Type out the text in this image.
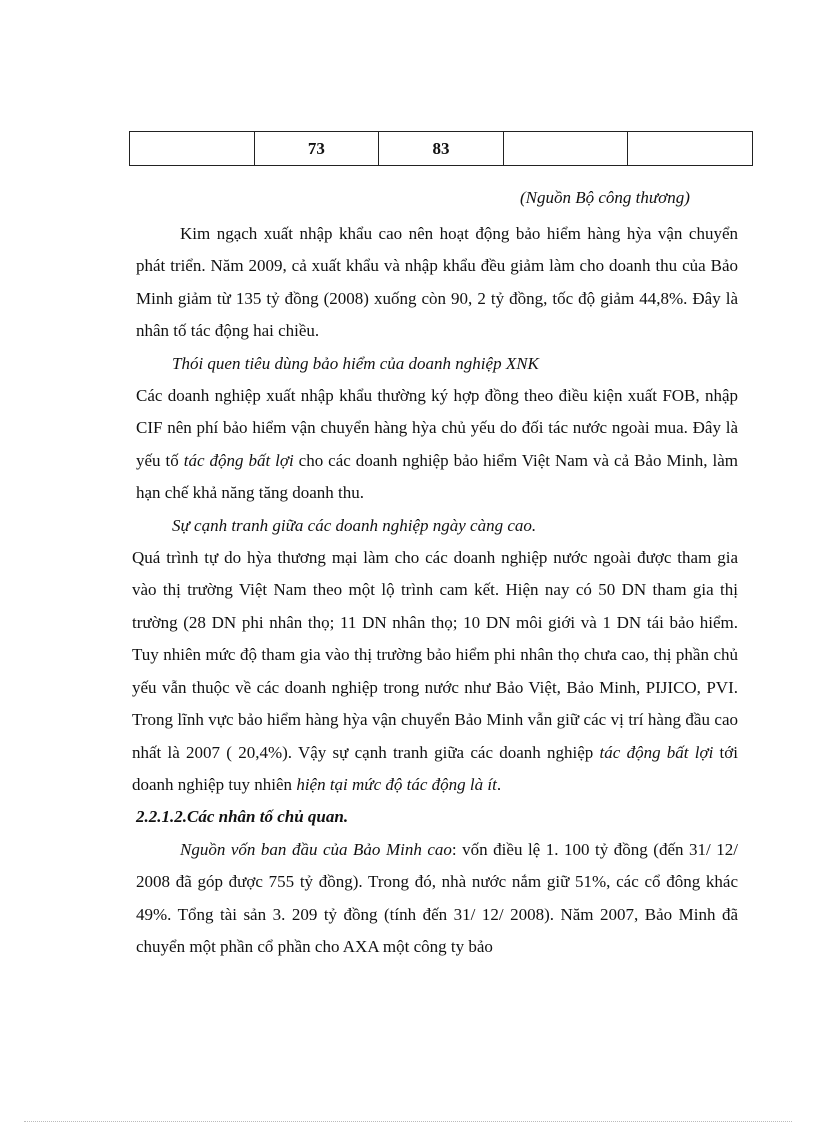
	73	83		
(Nguồn Bộ công thương)

Kim ngạch xuất nhập khẩu cao nên hoạt động bảo hiểm hàng hỳa vận chuyển phát triển. Năm 2009, cả xuất khẩu và nhập khẩu đều giảm làm cho doanh thu của Bảo Minh giảm từ 135 tỷ đồng (2008) xuống còn 90, 2 tỷ đồng, tốc độ giảm 44,8%. Đây là nhân tố tác động hai chiều.

Thói quen tiêu dùng bảo hiểm của doanh nghiệp XNK

Các doanh nghiệp xuất nhập khẩu thường ký hợp đồng theo điều kiện xuất FOB, nhập CIF nên phí bảo hiểm vận chuyển hàng hỳa chủ yếu do đối tác nước ngoài mua. Đây là yếu tố tác động bất lợi cho các doanh nghiệp bảo hiểm Việt Nam và cả Bảo Minh, làm hạn chế khả năng tăng doanh thu.

Sự cạnh tranh giữa các doanh nghiệp ngày càng cao.

Quá trình tự do hỳa thương mại làm cho các doanh nghiệp nước ngoài được tham gia vào thị trường Việt Nam theo một lộ trình cam kết. Hiện nay có 50 DN tham gia thị trường (28 DN phi nhân thọ; 11 DN nhân thọ; 10 DN môi giới và 1 DN tái bảo hiểm. Tuy nhiên mức độ tham gia vào thị trường bảo hiểm phi nhân thọ chưa cao, thị phần chủ yếu vẫn thuộc về các doanh nghiệp trong nước như Bảo Việt, Bảo Minh, PIJICO, PVI. Trong lĩnh vực bảo hiểm hàng hỳa vận chuyển Bảo Minh vẫn giữ các vị trí hàng đầu cao nhất là 2007 ( 20,4%). Vậy sự cạnh tranh giữa các doanh nghiệp tác động bất lợi tới doanh nghiệp tuy nhiên hiện tại mức độ tác động là ít.

2.2.1.2.Các nhân tố chủ quan.

Nguồn vốn ban đầu của Bảo Minh cao: vốn điều lệ 1. 100 tỷ đồng (đến 31/ 12/ 2008 đã góp được 755 tỷ đồng). Trong đó, nhà nước nắm giữ 51%, các cổ đông khác 49%. Tổng tài sản 3. 209 tỷ đồng (tính đến 31/ 12/ 2008). Năm 2007, Bảo Minh đã chuyển một phần cổ phần cho AXA một công ty bảo
